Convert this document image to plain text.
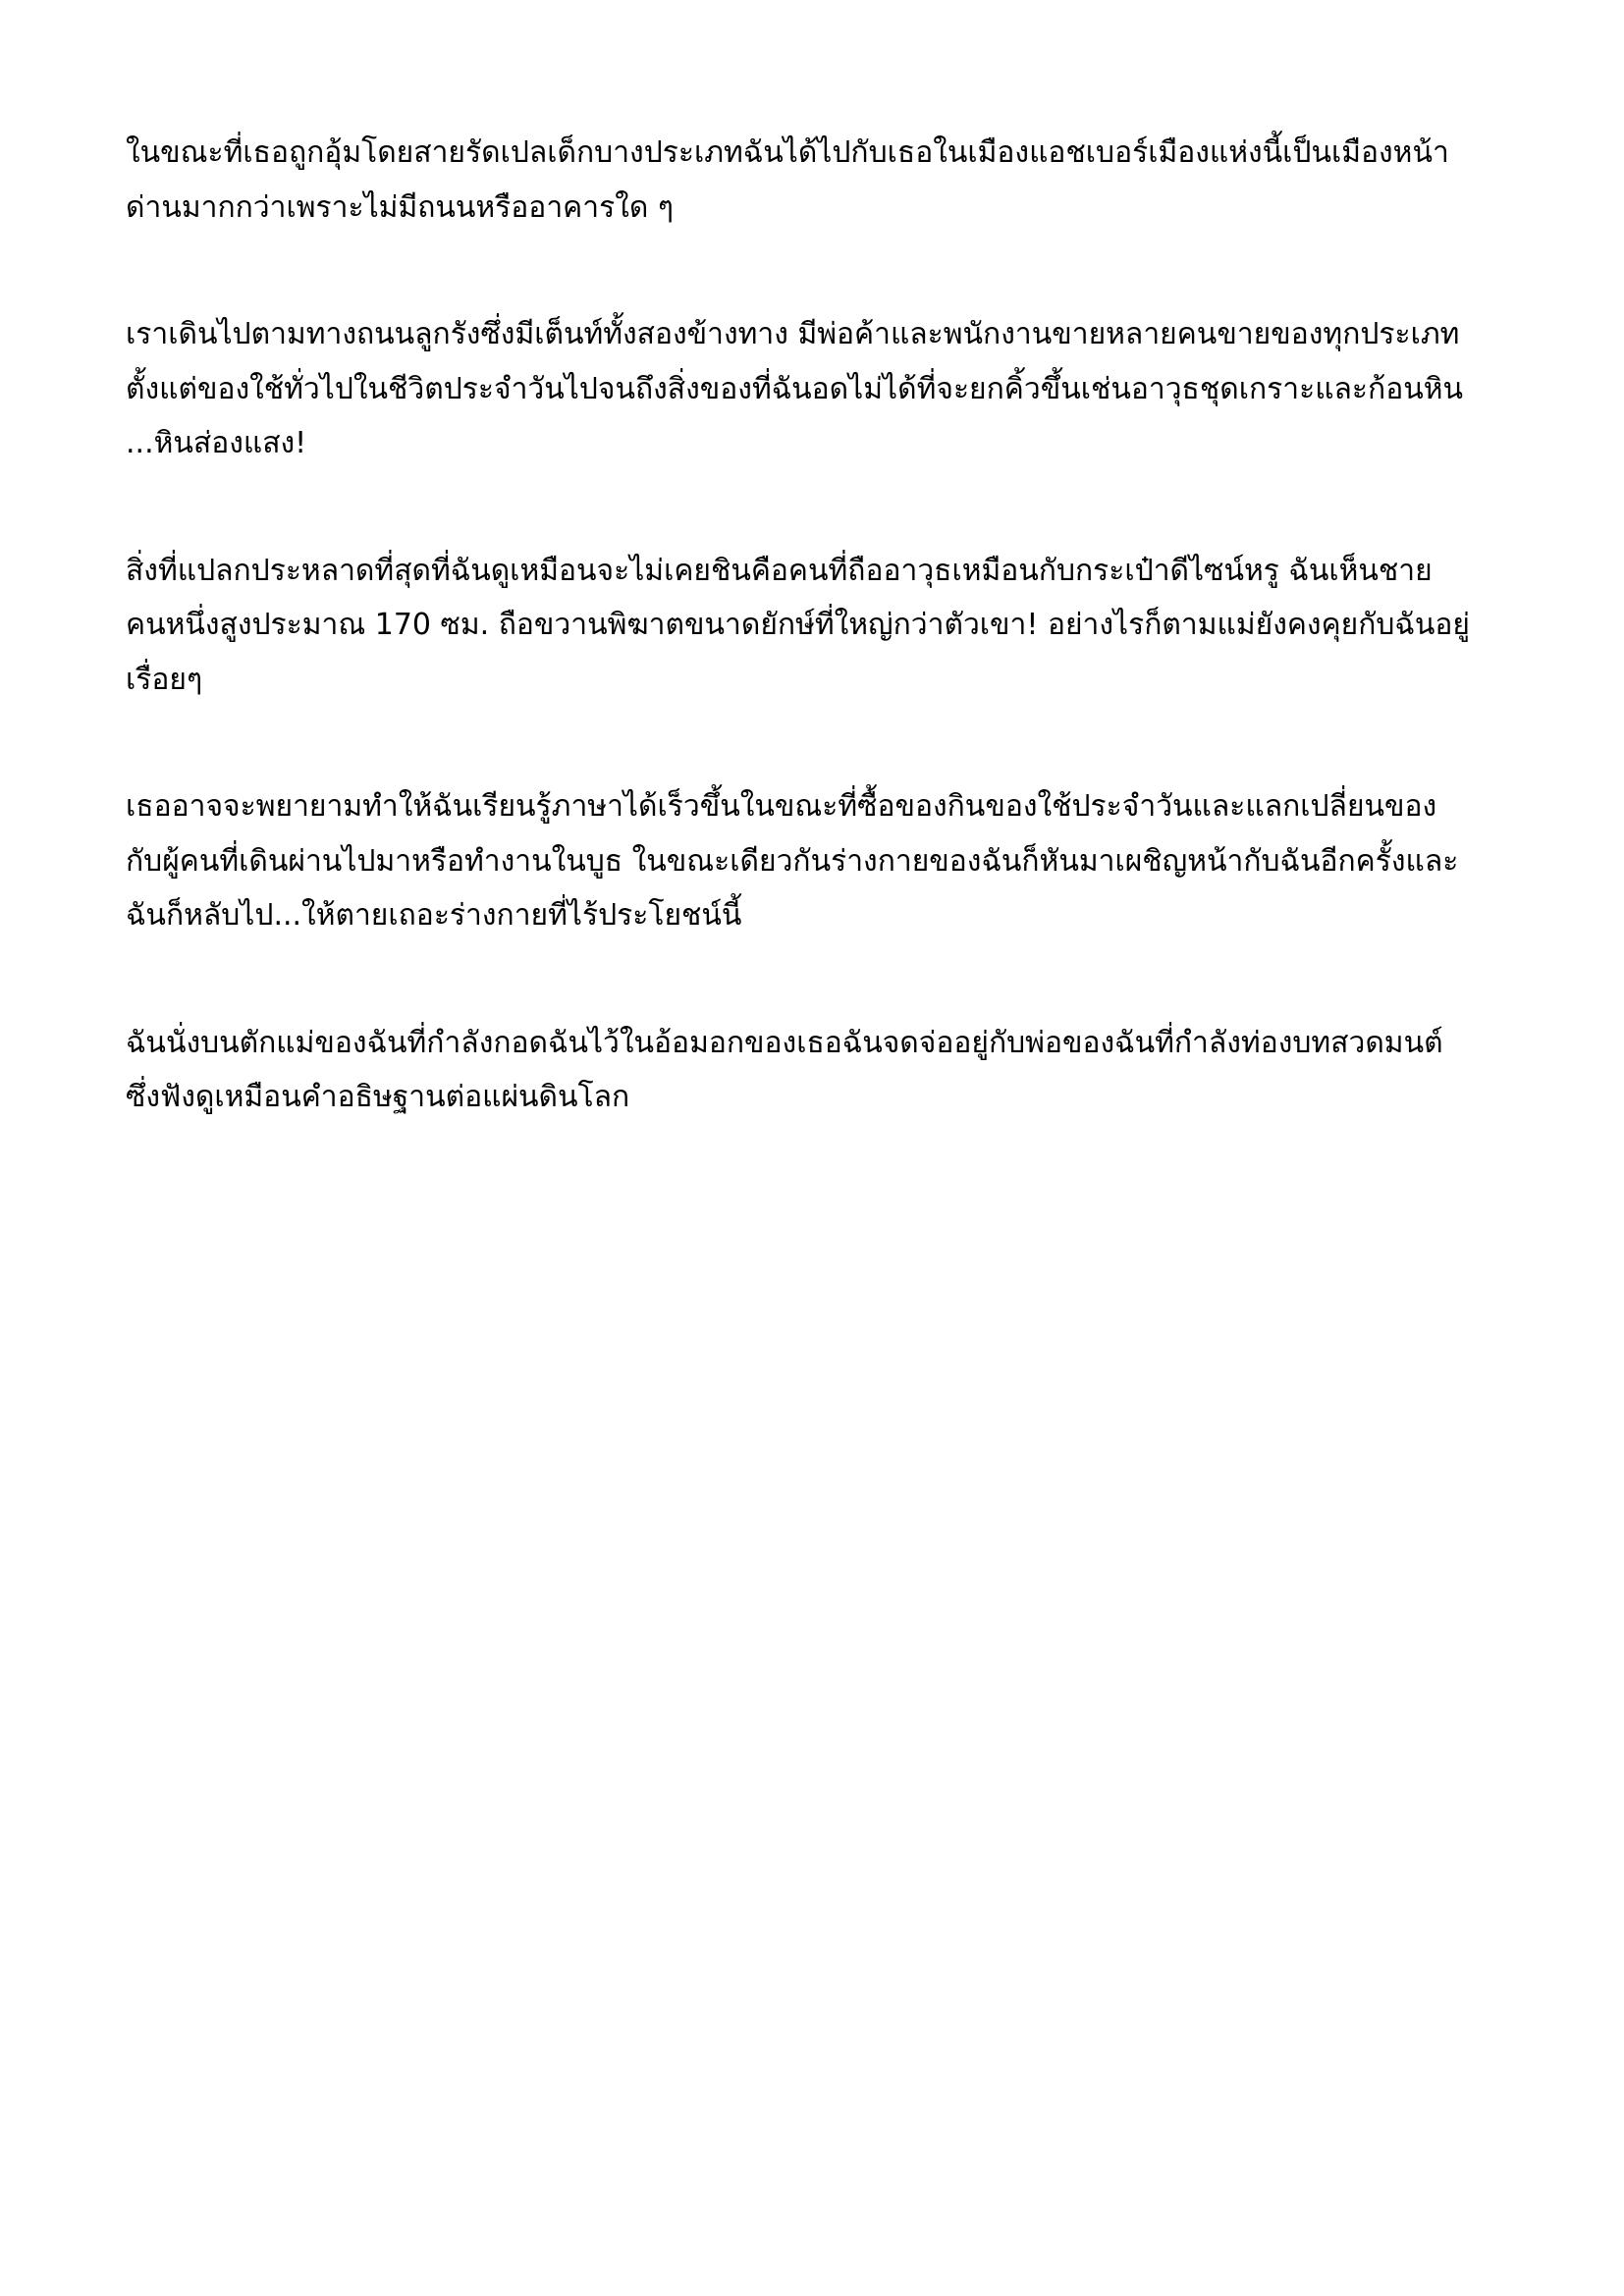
ในขณะที่เธอถูกอุ้มโดยสายรัดเปลเด็กบางประเภทฉันได้ไปกับเธอในเมืองแอชเบอร์เมืองแห่งนี้เป็นเมืองหน้าด่านมากกว่าเพราะไม่มีถนนหรืออาคารใด ๆ

เราเดินไปตามทางถนนลูกรังซึ่งมีเต็นท์ทั้งสองข้างทาง มีพ่อค้าและพนักงานขายหลายคนขายของทุกประเภทตั้งแต่ของใช้ทั่วไปในชีวิตประจำวันไปจนถึงสิ่งของที่ฉันอดไม่ได้ที่จะยกคิ้วขึ้นเช่นอาวุธชุดเกราะและก้อนหิน ...หินส่องแสง!

สิ่งที่แปลกประหลาดที่สุดที่ฉันดูเหมือนจะไม่เคยชินคือคนที่ถืออาวุธเหมือนกับกระเป๋าดีไซน์หรู ฉันเห็นชายคนหนึ่งสูงประมาณ 170 ซม. ถือขวานพิฆาตขนาดยักษ์ที่ใหญ่กว่าตัวเขา! อย่างไรก็ตามแม่ยังคงคุยกับฉันอยู่เรื่อยๆ

เธออาจจะพยายามทำให้ฉันเรียนรู้ภาษาได้เร็วขึ้นในขณะที่ซื้อของกินของใช้ประจำวันและแลกเปลี่ยนของกับผู้คนที่เดินผ่านไปมาหรือทำงานในบูธ ในขณะเดียวกันร่างกายของฉันก็หันมาเผชิญหน้ากับฉันอีกครั้งและฉันก็หลับไป...ให้ตายเถอะร่างกายที่ไร้ประโยชน์นี้

ฉันนั่งบนตักแม่ของฉันที่กำลังกอดฉันไว้ในอ้อมอกของเธอฉันจดจ่ออยู่กับพ่อของฉันที่กำลังท่องบทสวดมนต์ซึ่งฟังดูเหมือนคำอธิษฐานต่อแผ่นดินโลก
